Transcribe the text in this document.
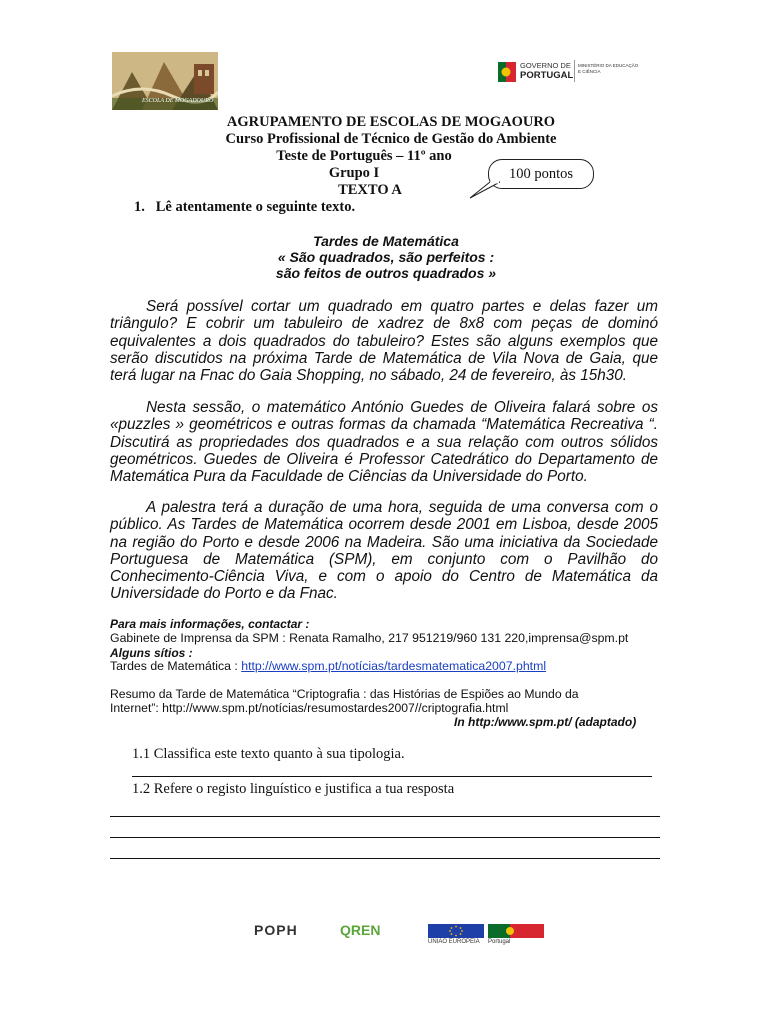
ESCOLA DE MOGADOURO
GOVERNO DE
PORTUGAL
MINISTÉRIO DA EDUCAÇÃO
E CIÊNCIA
AGRUPAMENTO DE ESCOLAS DE MOGAOURO
Curso Profissional de Técnico de Gestão do Ambiente
Teste de Português – 11º ano
Grupo I
TEXTO A
100 pontos
1.   Lê atentamente o seguinte texto.
Tardes de Matemática
« São quadrados, são perfeitos :
são feitos de outros quadrados »
Será possível cortar um quadrado em quatro partes e delas fazer um triângulo? E cobrir um tabuleiro de xadrez de 8x8 com peças de dominó equivalentes a dois quadrados do tabuleiro? Estes são alguns exemplos que serão discutidos na próxima Tarde de Matemática de Vila Nova de Gaia, que terá lugar na Fnac do Gaia Shopping, no sábado, 24 de fevereiro, às 15h30.
Nesta sessão, o matemático António Guedes de Oliveira falará sobre os «puzzles » geométricos e outras formas da chamada “Matemática Recreativa “. Discutirá as propriedades dos quadrados e a sua relação com outros sólidos geométricos. Guedes de Oliveira é Professor Catedrático do Departamento de Matemática Pura da Faculdade de Ciências da Universidade do Porto.
A palestra terá a duração de uma hora, seguida de uma conversa com o público. As Tardes de Matemática ocorrem desde 2001 em Lisboa, desde 2005 na região do Porto e desde 2006 na Madeira. São uma iniciativa da Sociedade Portuguesa de Matemática (SPM), em conjunto com o Pavilhão do Conhecimento-Ciência Viva, e com o apoio do Centro de Matemática da Universidade do Porto e da Fnac.
Para mais informações, contactar :
Gabinete de Imprensa da SPM : Renata Ramalho, 217 951219/960 131 220,imprensa@spm.pt
Alguns sítios :
Tardes de Matemática : http://www.spm.pt/notícias/tardesmatematica2007.phtml
Resumo da Tarde de Matemática “Criptografia : das Histórias de Espiões ao Mundo da
Internet”: http://www.spm.pt/notícias/resumostardes2007//criptografia.html
In http:/www.spm.pt/ (adaptado)
1.1 Classifica este texto quanto à sua tipologia.
1.2 Refere o registo linguístico e justifica a tua resposta
POPH	QREN
UNIÃO EUROPEIA Portugal
